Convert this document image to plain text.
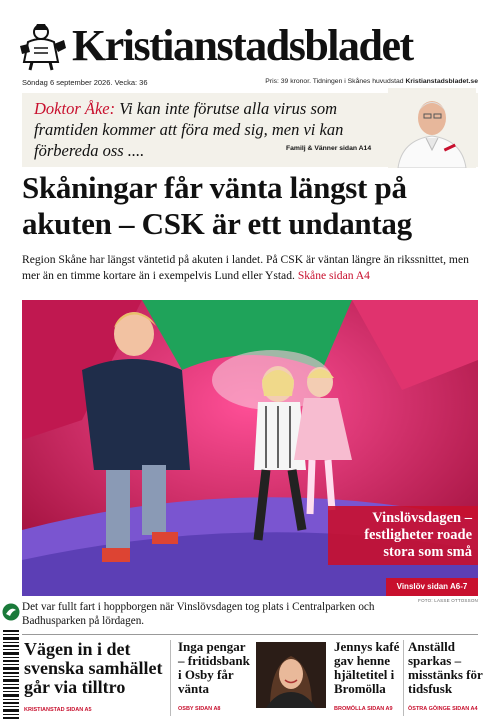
Kristianstadsbladet
Söndag 6 september 2026. Vecka: 36	Pris: 39 kronor. Tidningen i Skånes huvudstad Kristianstadsbladet.se
Doktor Åke: Vi kan inte förutse alla virus som framtiden kommer att föra med sig, men vi kan förbereda oss ....	Familj & Vänner sidan A14
Skåningar får vänta längst på akuten – CSK är ett undantag
Region Skåne har längst väntetid på akuten i landet. På CSK är väntan längre än rikssnittet, men mer än en timme kortare än i exempelvis Lund eller Ystad. Skåne sidan A4
Vinslövsdagen – festligheter roade stora som små
Vinslöv sidan A6-7
FOTO: LASSE OTTOSSON
Det var fullt fart i hoppborgen när Vinslövsdagen tog plats i Centralparken och Badhusparken på lördagen.
Vägen in i det svenska samhället går via tilltro
KRISTIANSTAD SIDAN A5
Inga pengar – fritidsbank i Osby får vänta
OSBY SIDAN A8
Jennys kafé gav henne hjältetitel i Bromölla
BROMÖLLA SIDAN A9
Anställd sparkas – misstänks för tidsfusk
ÖSTRA GÖINGE SIDAN A4
